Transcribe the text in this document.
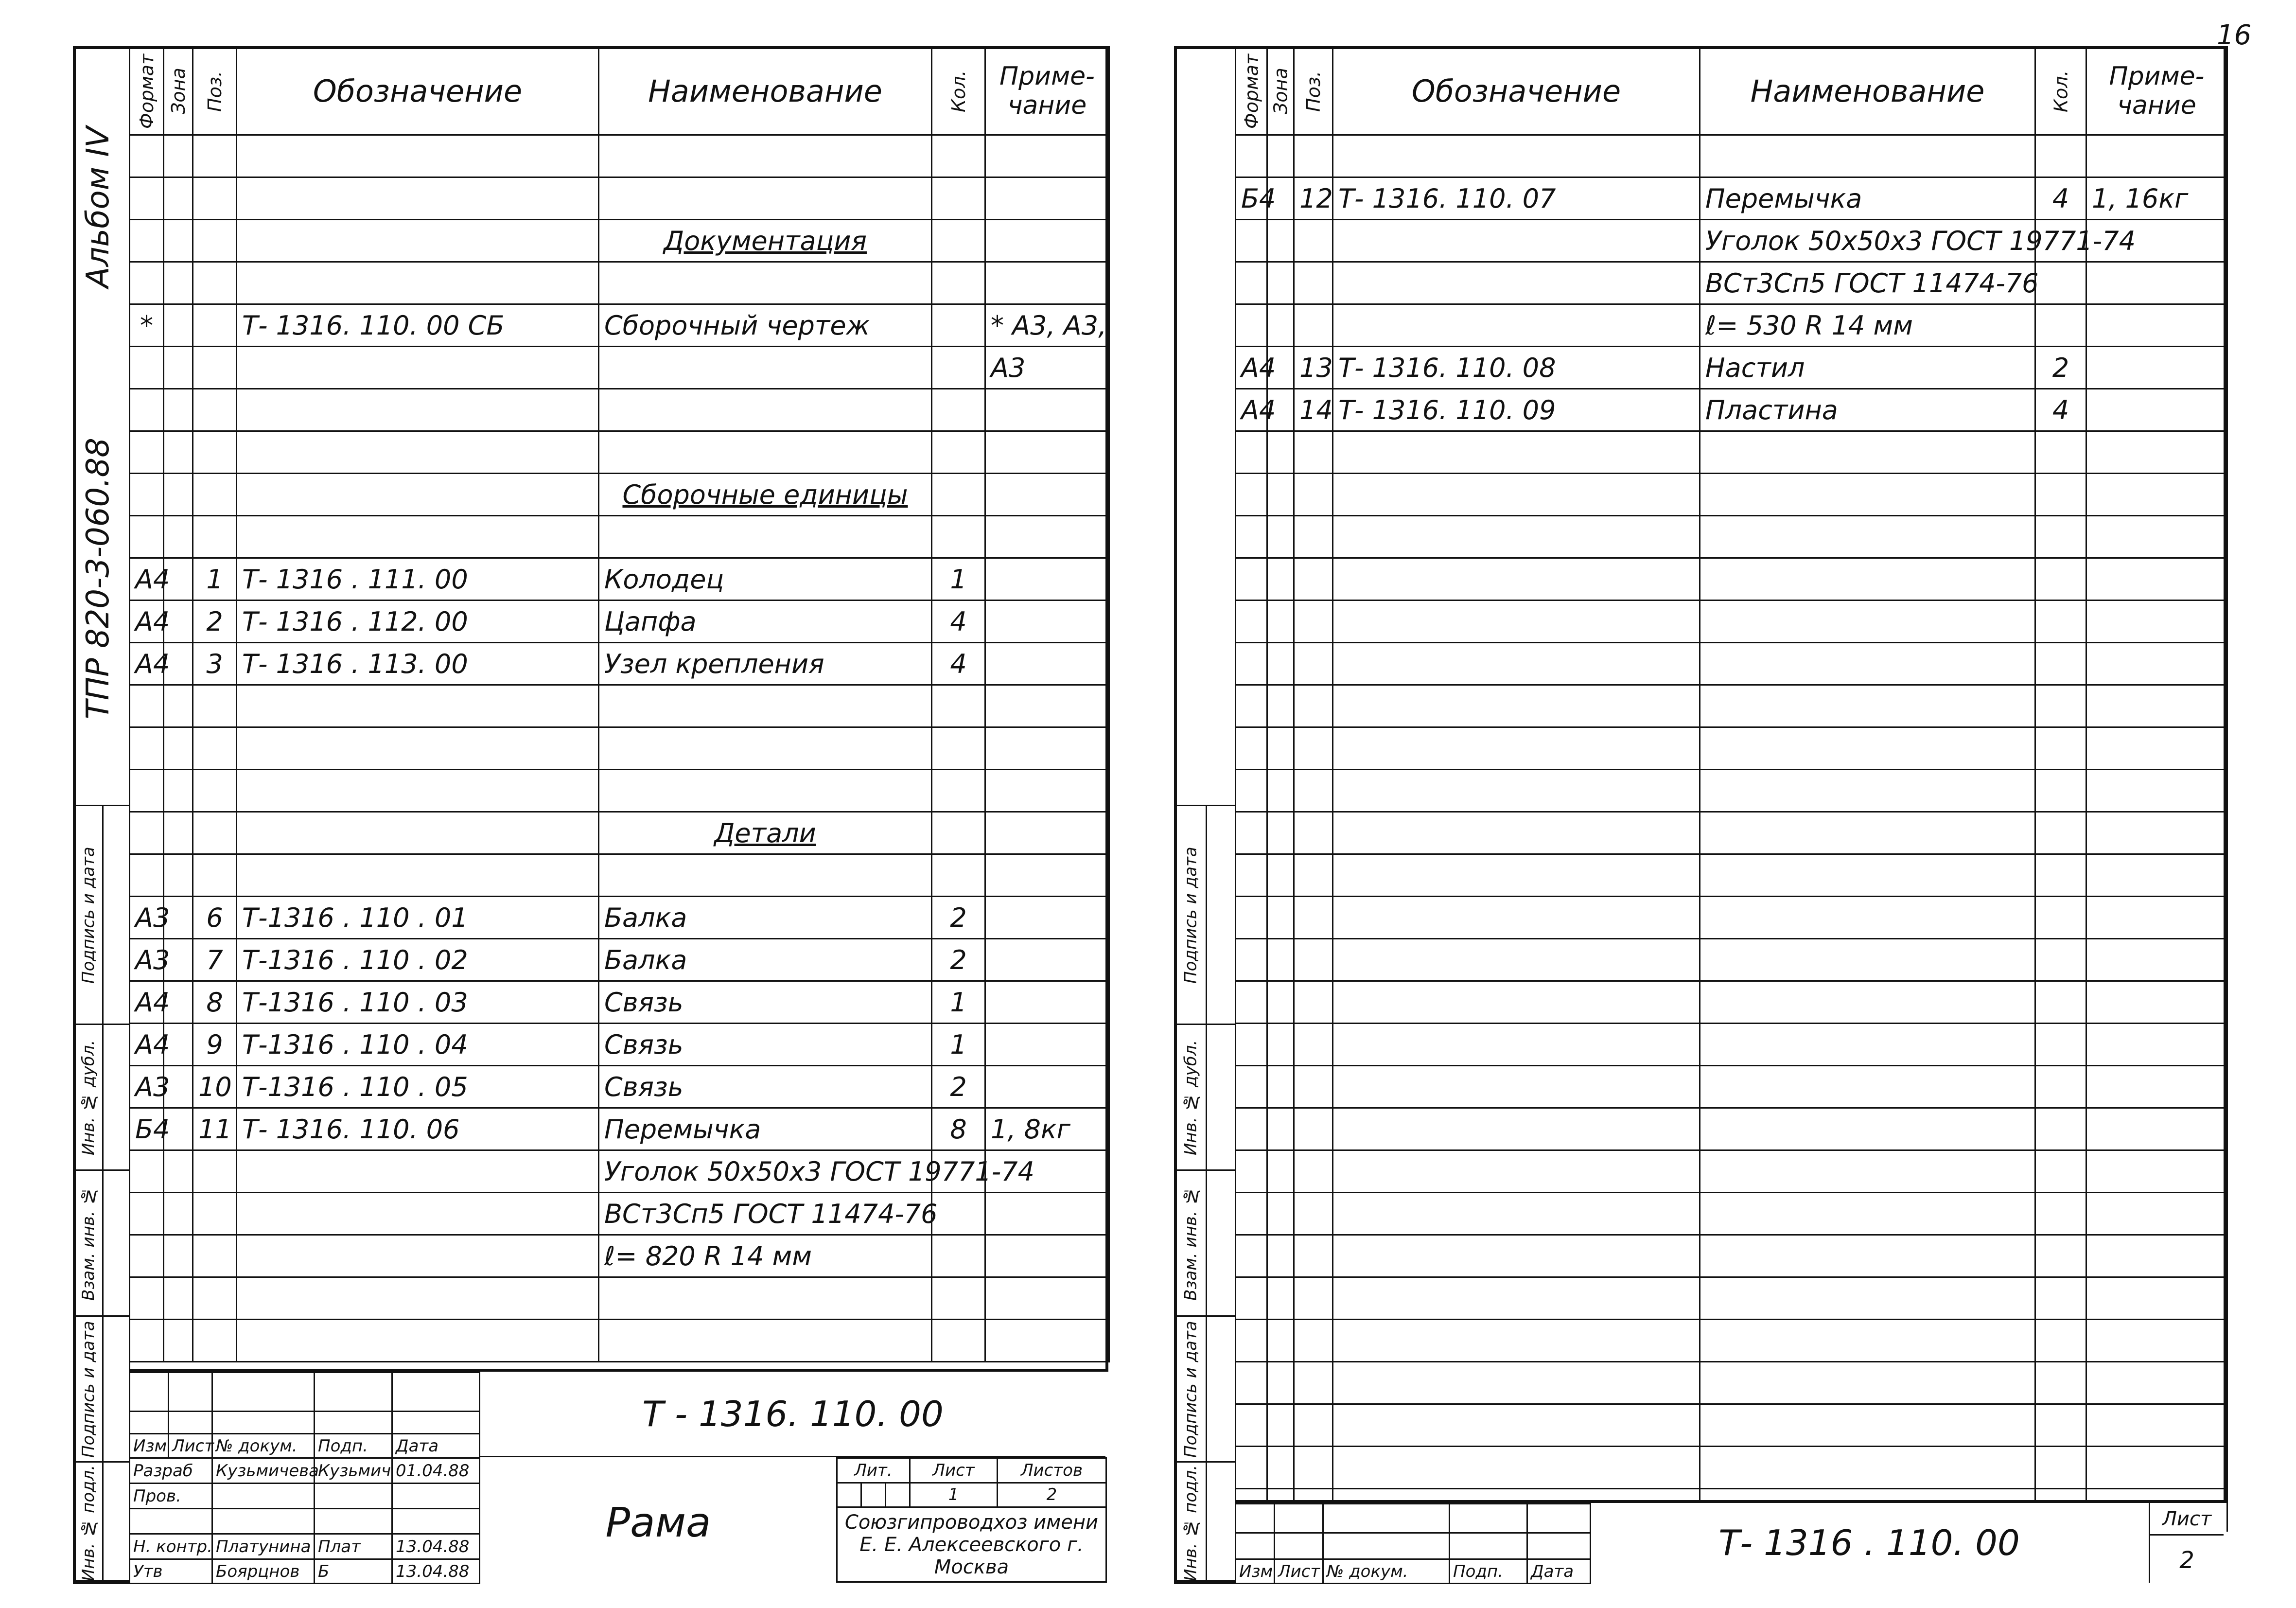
16
Альбом IV
ТПР 820-3-060.88
Формат	Зона	Поз.	Обозначение	Наименование	Кол.	Приме-чание

				Документация		

*			Т- 1316. 110. 00 СБ	Сборочный чертеж		* А3, А3,
						А3

				Сборочные единицы		

А4		1	Т- 1316 . 111. 00	Колодец	1	
А4		2	Т- 1316 . 112. 00	Цапфа	4	
А4		3	Т- 1316 . 113. 00	Узел крепления	4	

				Детали		

А3		6	Т-1316 . 110 . 01	Балка	2	
А3		7	Т-1316 . 110 . 02	Балка	2	
А4		8	Т-1316 . 110 . 03	Связь	1	
А4		9	Т-1316 . 110 . 04	Связь	1	
А3		10	Т-1316 . 110 . 05	Связь	2	
Б4		11	Т- 1316. 110. 06	Перемычка	8	1, 8кг
				Уголок 50х50х3 ГОСТ 19771-74		
				ВСт3Сп5 ГОСТ 11474-76		
				ℓ= 820 R 14 мм		

Подпись и дата	
Инв. № дубл.	
Взам. инв. №	
Подпись и дата	
Инв. № подл.	

Изм	Лист	№ докум.	Подп.	Дата
Разраб		Кузьмичева	Кузьмич	01.04.88
Пров.				

Н. контр.		Платунина	Плат	13.04.88
Утв		Боярцнов	Б	13.04.88
Т - 1316. 110. 00
Рама
Лит.			Лист	Листов
			1	2
Союзгипроводхоз имени Е. Е. Алексеевского г. Москва				
Формат	Зона	Поз.	Обозначение	Наименование	Кол.	Приме-чание

Б4		12	Т- 1316. 110. 07	Перемычка	4	1, 16кг
				Уголок 50х50х3 ГОСТ 19771-74		
				ВСт3Сп5 ГОСТ 11474-76		
				ℓ= 530 R 14 мм		
А4		13	Т- 1316. 110. 08	Настил	2	
А4		14	Т- 1316. 110. 09	Пластина	4	

Подпись и дата	
Инв. № дубл.	
Взам. инв. №	
Подпись и дата	
Инв. № подл.	

				Изм	Лист	№ докум.	Подп.	Дата
Т- 1316 . 110. 00
Лист
2
